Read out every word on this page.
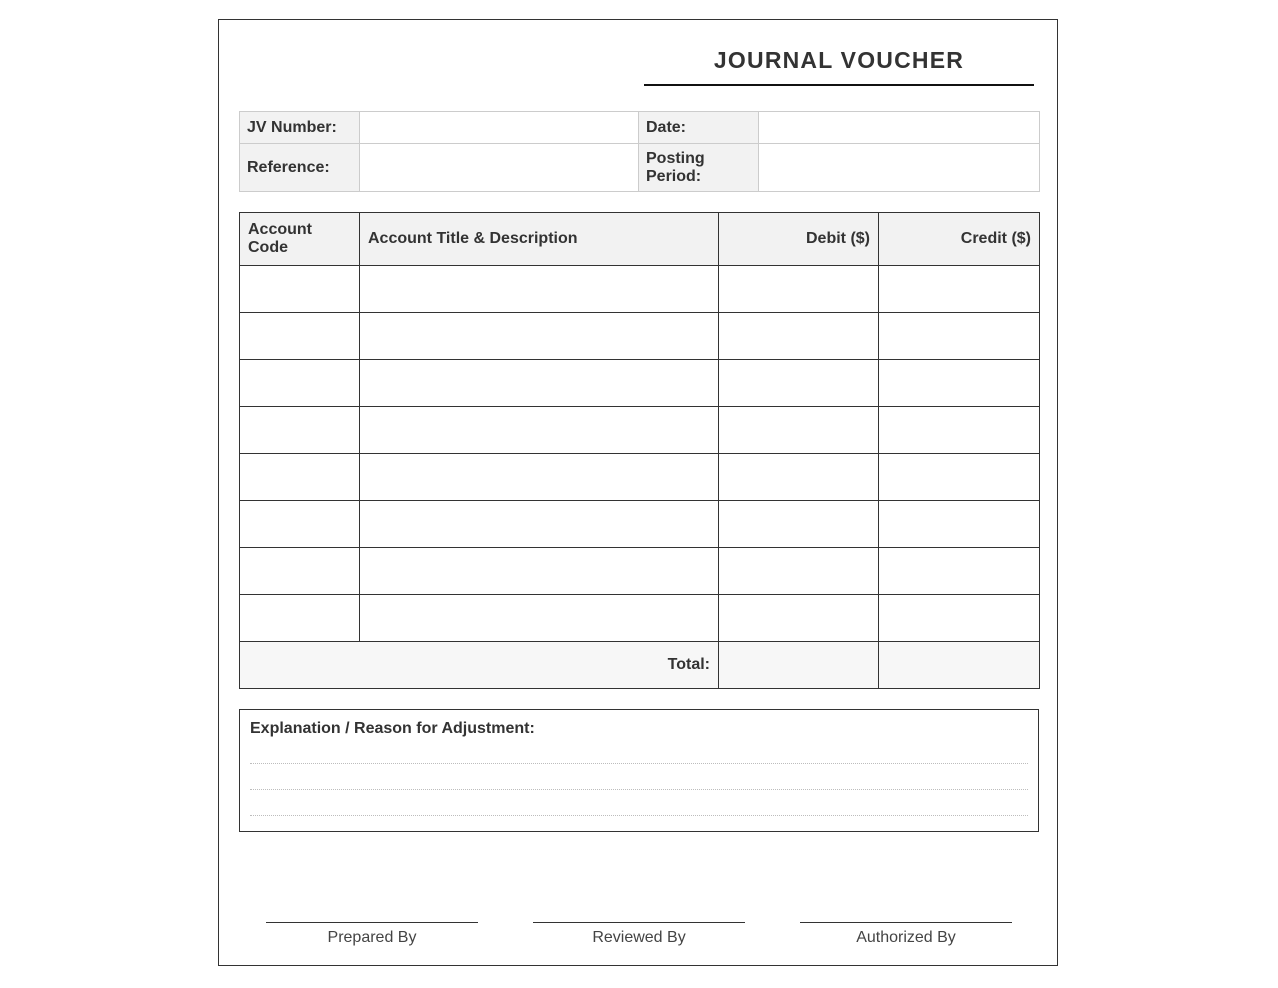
JOURNAL VOUCHER
JV Number:		Date:	
Reference:		Posting Period:	
Account Code	Account Title & Description	Debit ($)	Credit ($)

Total:			
Explanation / Reason for Adjustment:
Prepared By	Reviewed By	Authorized By
